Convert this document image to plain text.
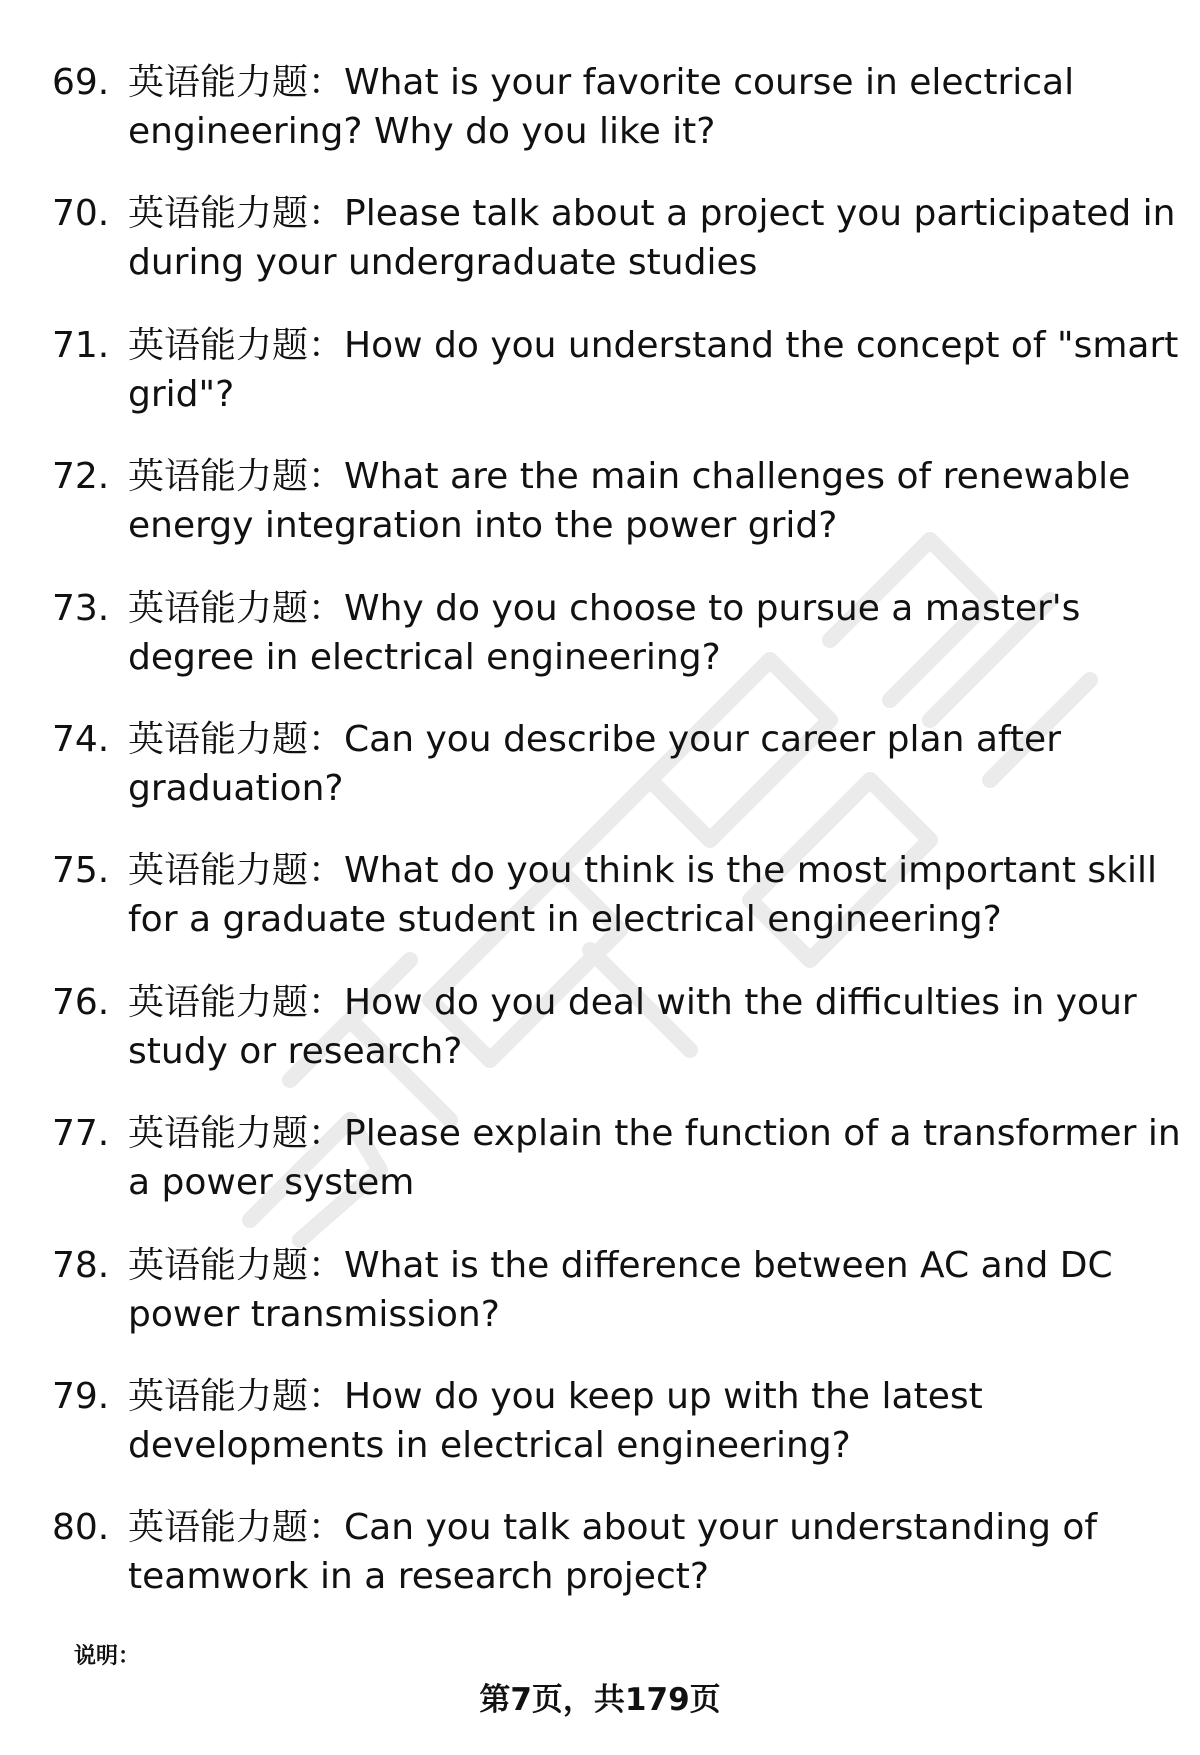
69. 英语能力题：What is your favorite course in electrical engineering? Why do you like it?
70. 英语能力题：Please talk about a project you participated in during your undergraduate studies
71. 英语能力题：How do you understand the concept of "smart grid"?
72. 英语能力题：What are the main challenges of renewable energy integration into the power grid?
73. 英语能力题：Why do you choose to pursue a master's degree in electrical engineering?
74. 英语能力题：Can you describe your career plan after graduation?
75. 英语能力题：What do you think is the most important skill for a graduate student in electrical engineering?
76. 英语能力题：How do you deal with the difficulties in your study or research?
77. 英语能力题：Please explain the function of a transformer in a power system
78. 英语能力题：What is the difference between AC and DC power transmission?
79. 英语能力题：How do you keep up with the latest developments in electrical engineering?
80. 英语能力题：Can you talk about your understanding of teamwork in a research project?
说明：
第7页，共179页
